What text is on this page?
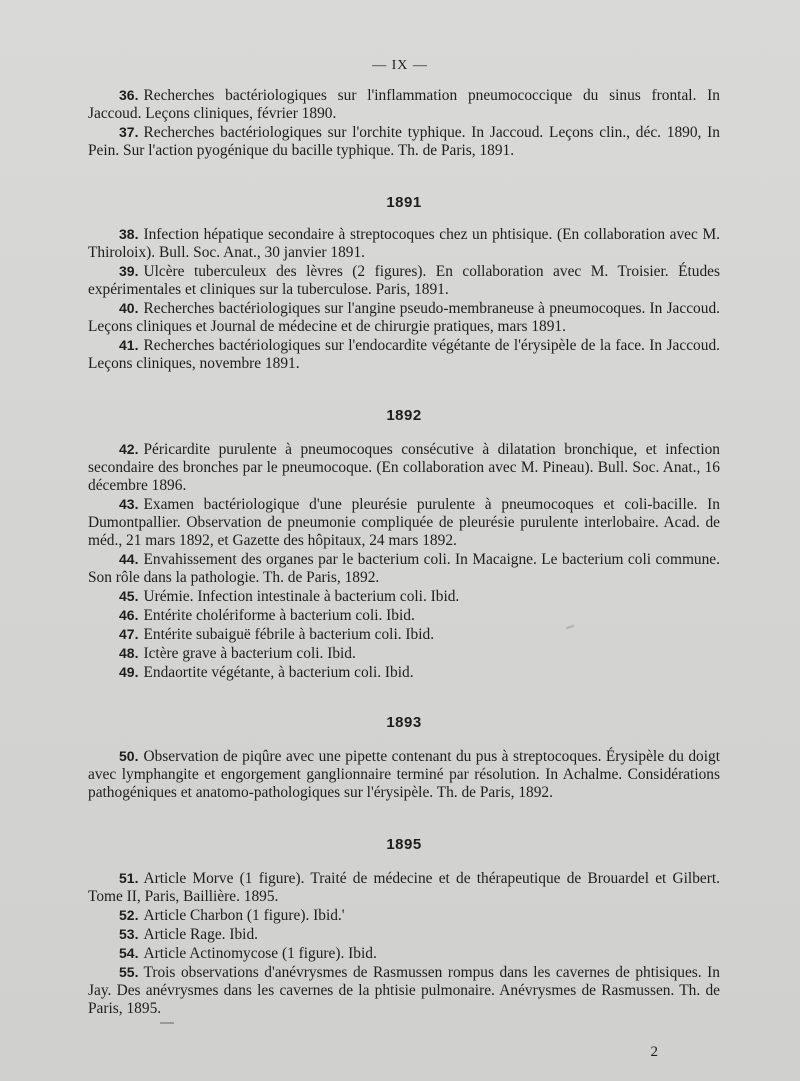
— IX —

36. Recherches bactériologiques sur l'inflammation pneumococcique du sinus frontal. In Jaccoud. Leçons cliniques, février 1890.

37. Recherches bactériologiques sur l'orchite typhique. In Jaccoud. Leçons clin., déc. 1890, In Pein. Sur l'action pyogénique du bacille typhique. Th. de Paris, 1891.

1891

38. Infection hépatique secondaire à streptocoques chez un phtisique. (En collaboration avec M. Thiroloix). Bull. Soc. Anat., 30 janvier 1891.

39. Ulcère tuberculeux des lèvres (2 figures). En collaboration avec M. Troisier. Études expérimentales et cliniques sur la tuberculose. Paris, 1891.

40. Recherches bactériologiques sur l'angine pseudo-membraneuse à pneumocoques. In Jaccoud. Leçons cliniques et Journal de médecine et de chirurgie pratiques, mars 1891.

41. Recherches bactériologiques sur l'endocardite végétante de l'érysipèle de la face. In Jaccoud. Leçons cliniques, novembre 1891.

1892

42. Péricardite purulente à pneumocoques consécutive à dilatation bronchique, et infection secondaire des bronches par le pneumocoque. (En collaboration avec M. Pineau). Bull. Soc. Anat., 16 décembre 1896.

43. Examen bactériologique d'une pleurésie purulente à pneumocoques et coli-bacille. In Dumontpallier. Observation de pneumonie compliquée de pleurésie purulente interlobaire. Acad. de méd., 21 mars 1892, et Gazette des hôpitaux, 24 mars 1892.

44. Envahissement des organes par le bacterium coli. In Macaigne. Le bacterium coli commune. Son rôle dans la pathologie. Th. de Paris, 1892.

45. Urémie. Infection intestinale à bacterium coli. Ibid.

46. Entérite cholériforme à bacterium coli. Ibid.

47. Entérite subaiguë fébrile à bacterium coli. Ibid.

48. Ictère grave à bacterium coli. Ibid.

49. Endaortite végétante, à bacterium coli. Ibid.

1893

50. Observation de piqûre avec une pipette contenant du pus à streptocoques. Érysipèle du doigt avec lymphangite et engorgement ganglionnaire terminé par résolution. In Achalme. Considérations pathogéniques et anatomo-pathologiques sur l'érysipèle. Th. de Paris, 1892.

1895

51. Article Morve (1 figure). Traité de médecine et de thérapeutique de Brouardel et Gilbert. Tome II, Paris, Baillière. 1895.

52. Article Charbon (1 figure). Ibid.'

53. Article Rage. Ibid.

54. Article Actinomycose (1 figure). Ibid.

55. Trois observations d'anévrysmes de Rasmussen rompus dans les cavernes de phtisiques. In Jay. Des anévrysmes dans les cavernes de la phtisie pulmonaire. Anévrysmes de Rasmussen. Th. de Paris, 1895.

2
